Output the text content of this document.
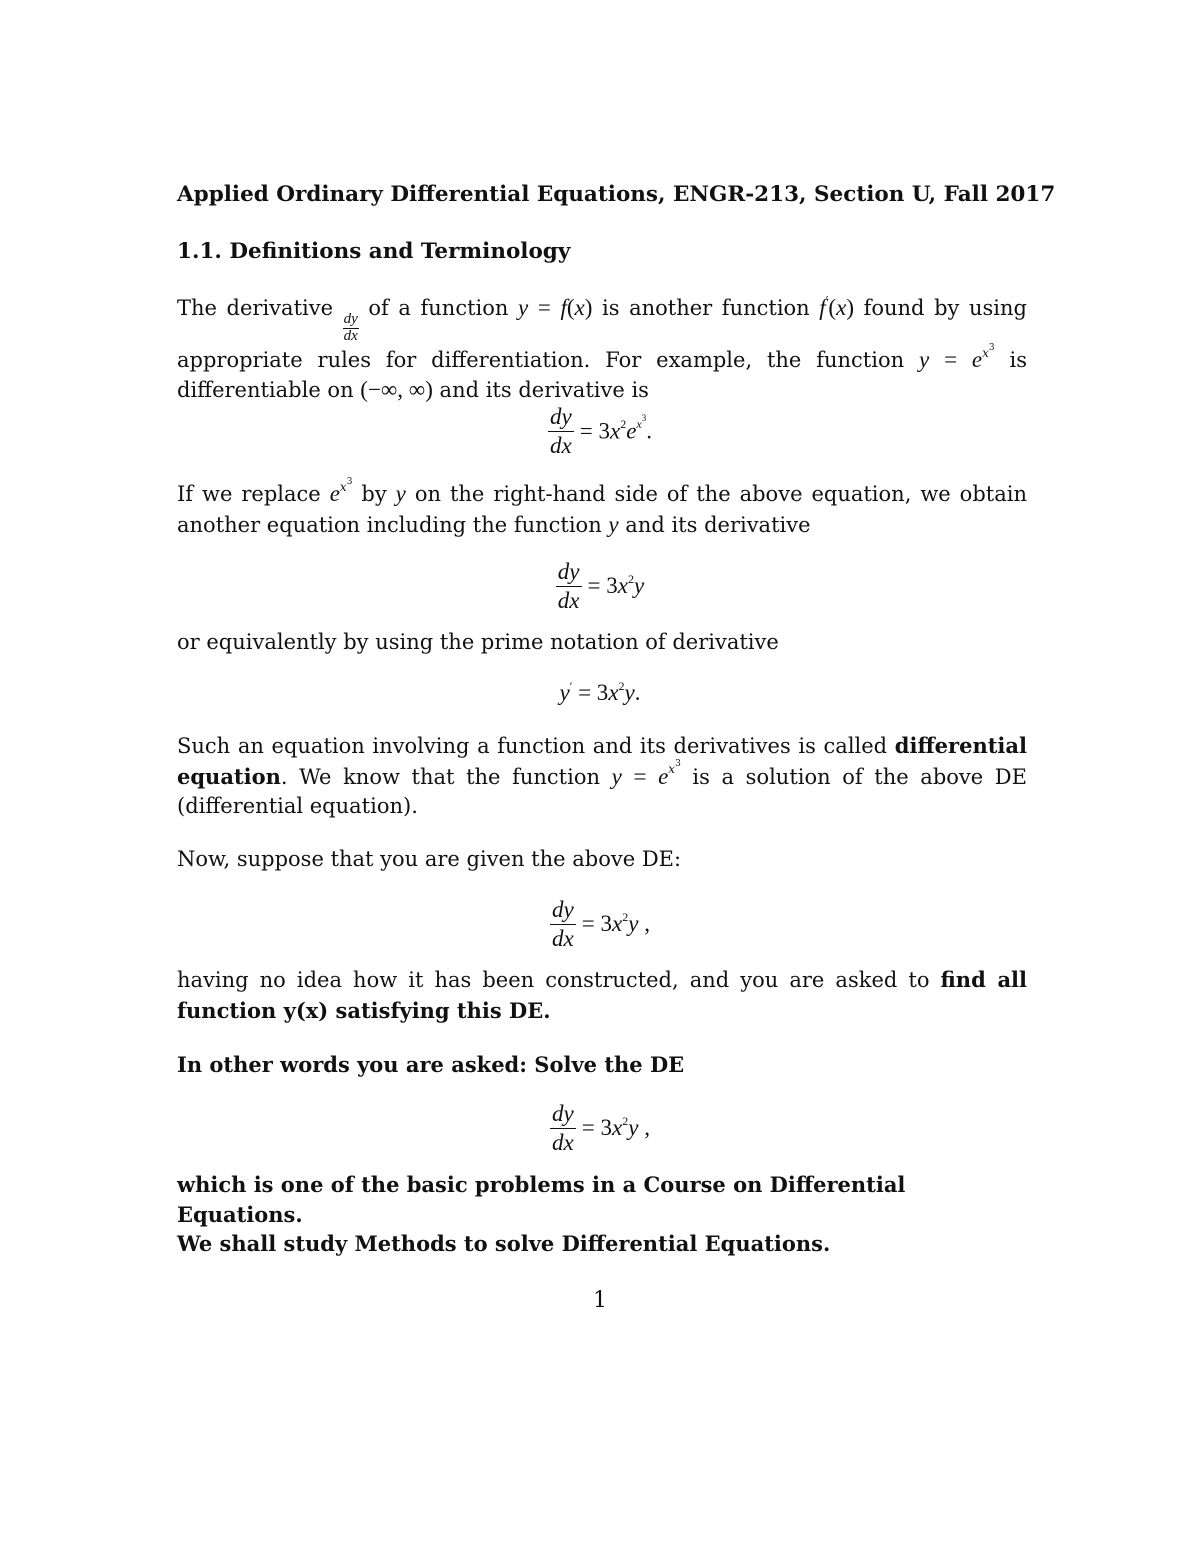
Applied Ordinary Differential Equations, ENGR-213, Section U, Fall 2017
1.1. Definitions and Terminology
The derivative
$\frac{dy}{dx}$
of a function y = f(x) is another function f′(x) found by using appropriate rules for differentiation. For example, the function $y = e^{x^3}$ is differentiable on (−∞, ∞) and its derivative is
$\frac{dy}{dx} = 3x^2e^{x^3}$.
If we replace $e^{x^3}$ by y on the right-hand side of the above equation, we obtain another equation including the function y and its derivative
$\frac{dy}{dx} = 3x^2y$
or equivalently by using the prime notation of derivative
$y' = 3x^2y$.
Such an equation involving a function and its derivatives is called differential equation. We know that the function $y = e^{x^3}$ is a solution of the above DE (differential equation).
Now, suppose that you are given the above DE:
$\frac{dy}{dx} = 3x^2y$ ,
having no idea how it has been constructed, and you are asked to find all function y(x) satisfying this DE.
In other words you are asked: Solve the DE
$\frac{dy}{dx} = 3x^2y$ ,
which is one of the basic problems in a Course on Differential Equations.
We shall study Methods to solve Differential Equations.
1
